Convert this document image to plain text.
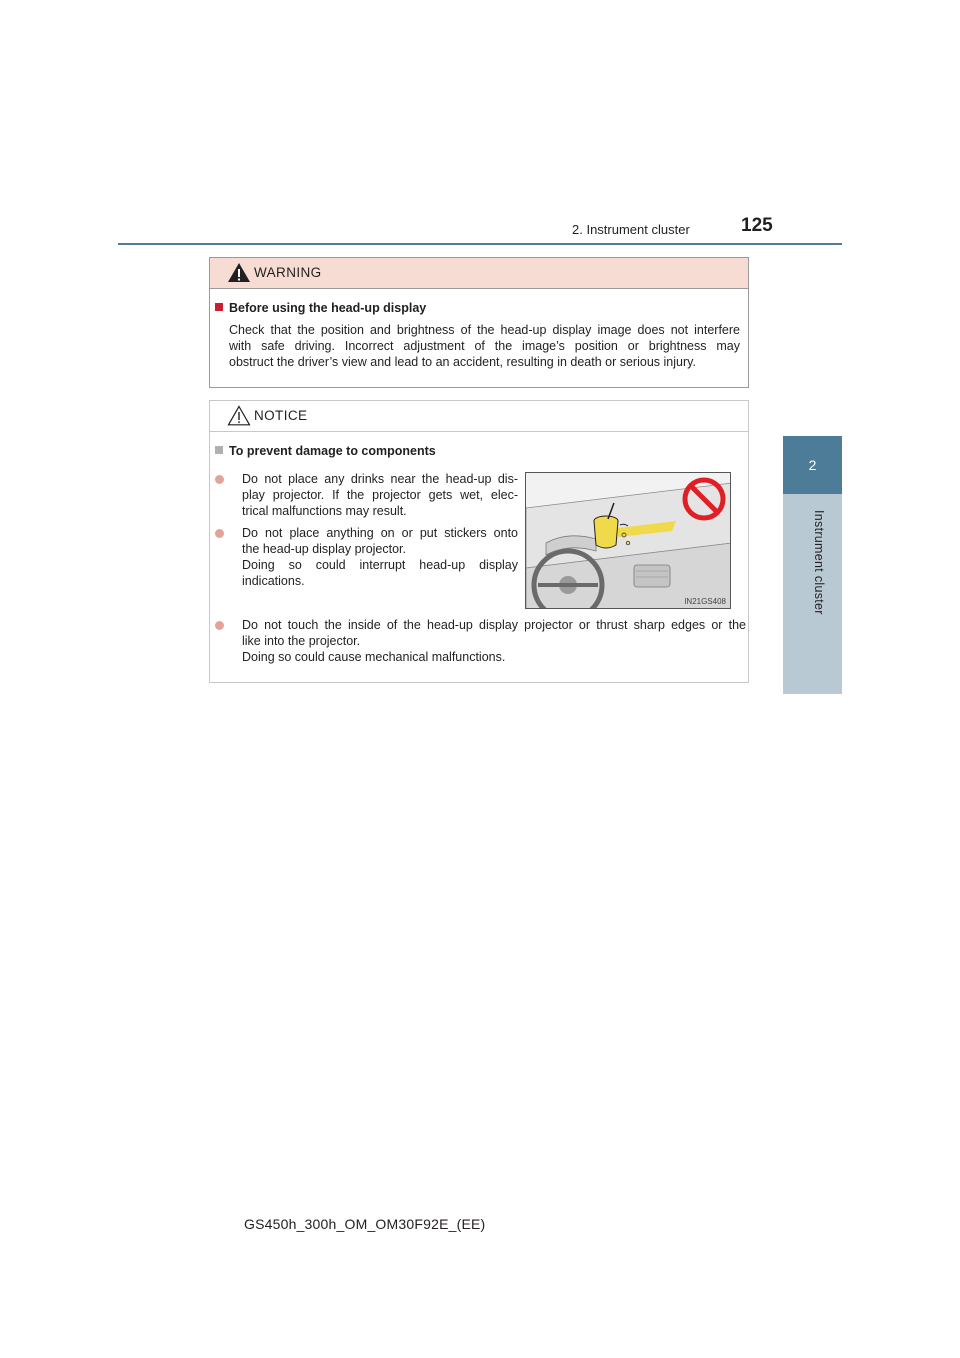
2. Instrument cluster	125
2
Instrument cluster
WARNING
Before using the head-up display
Check that the position and brightness of the head-up display image does not interfere
with safe driving. Incorrect adjustment of the image’s position or brightness may
obstruct the driver’s view and lead to an accident, resulting in death or serious injury.
NOTICE
To prevent damage to components
Do not place any drinks near the head-up dis-
play projector. If the projector gets wet, elec-
trical malfunctions may result.
Do not place anything on or put stickers onto
the head-up display projector.
Doing so could interrupt head-up display
indications.
Do not touch the inside of the head-up display projector or thrust sharp edges or the
like into the projector.
Doing so could cause mechanical malfunctions.
IN21GS408
GS450h_300h_OM_OM30F92E_(EE)
